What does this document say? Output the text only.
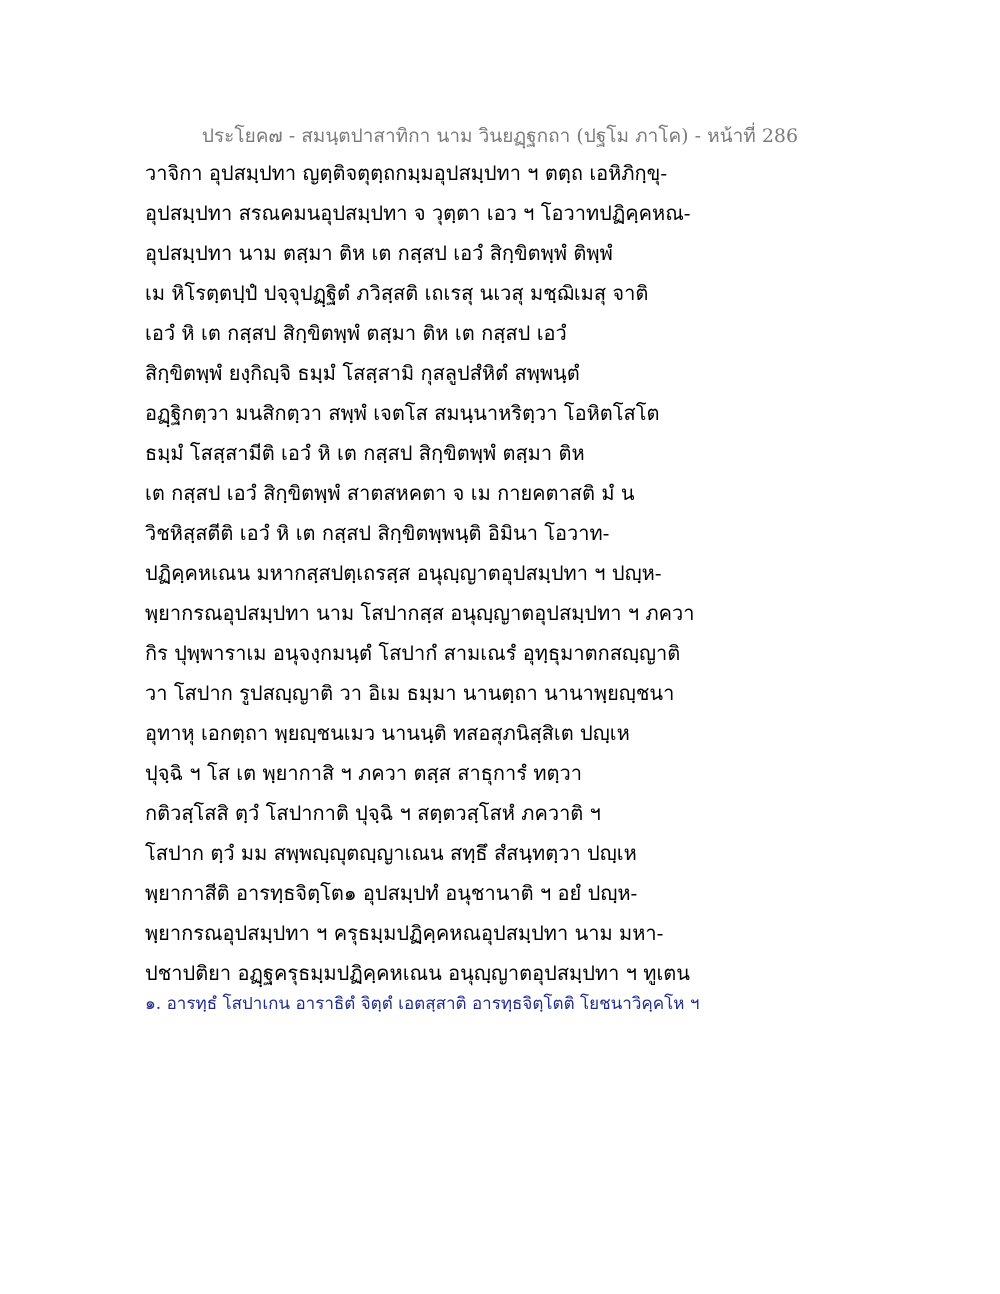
ประโยค๗ - สมนฺตปาสาทิกา นาม วินยฏฺฐกถา (ปฐโม ภาโค) - หน้าที่ 286
วาจิกา อุปสมฺปทา ญตฺติจตุตฺถกมฺมอุปสมฺปทา ฯ ตตฺถ เอหิภิกฺขุ-
อุปสมฺปทา สรณคมนอุปสมฺปทา จ วุตฺตา เอว ฯ โอวาทปฏิคฺคหณ-
อุปสมฺปทา นาม ตสฺมา ติห เต กสฺสป เอวํ สิกฺขิตพฺพํ ติพฺพํ
เม หิโรตฺตปฺปํ ปจฺจุปฏฺฐิตํ ภวิสฺสติ เถเรสุ นเวสุ มชฺฌิเมสุ จาติ
เอวํ หิ เต กสฺสป สิกฺขิตพฺพํ ตสฺมา ติห เต กสฺสป เอวํ
สิกฺขิตพฺพํ ยงฺกิญฺจิ ธมฺมํ โสสฺสามิ กุสลูปสํหิตํ สพฺพนฺตํ
อฏฺฐิกตฺวา มนสิกตฺวา สพฺพํ เจตโส สมนฺนาหริตฺวา โอหิตโสโต
ธมฺมํ โสสฺสามีติ เอวํ หิ เต กสฺสป สิกฺขิตพฺพํ ตสฺมา ติห
เต กสฺสป เอวํ สิกฺขิตพฺพํ สาตสหคตา จ เม กายคตาสติ มํ น
วิชหิสฺสตีติ เอวํ หิ เต กสฺสป สิกฺขิตพฺพนฺติ อิมินา โอวาท-
ปฏิคฺคหเณน มหากสฺสปตฺเถรสฺส อนุญฺญาตอุปสมฺปทา ฯ ปญฺห-
พฺยากรณอุปสมฺปทา นาม โสปากสฺส อนุญฺญาตอุปสมฺปทา ฯ ภควา
กิร ปุพฺพาราเม อนุจงฺกมนฺตํ โสปากํ สามเณรํ อุทฺธุมาตกสญฺญาติ
วา โสปาก รูปสญฺญาติ วา อิเม ธมฺมา นานตฺถา นานาพฺยญฺชนา
อุทาหุ เอกตฺถา พฺยญฺชนเมว นานนฺติ ทสอสุภนิสฺสิเต ปญฺเห
ปุจฺฉิ ฯ โส เต พฺยากาสิ ฯ ภควา ตสฺส สาธุการํ ทตฺวา
กติวสฺโสสิ ตฺวํ โสปากาติ ปุจฺฉิ ฯ สตฺตวสฺโสหํ ภควาติ ฯ
โสปาก ตฺวํ มม สพฺพญฺญุตญฺญาเณน สทฺธึ สํสนฺทตฺวา ปญฺเห
พฺยากาสีติ อารทฺธจิตฺโต๑ อุปสมฺปทํ อนุชานาติ ฯ อยํ ปญฺห-
พฺยากรณอุปสมฺปทา ฯ ครุธมฺมปฏิคฺคหณอุปสมฺปทา นาม มหา-
ปชาปติยา อฏฺฐครุธมฺมปฏิคฺคหเณน อนุญฺญาตอุปสมฺปทา ฯ ทูเตน
๑. อารทฺธํ โสปาเกน อาราธิตํ จิตฺตํ เอตสฺสาติ อารทฺธจิตฺโตติ โยชนาวิคฺคโห ฯ
